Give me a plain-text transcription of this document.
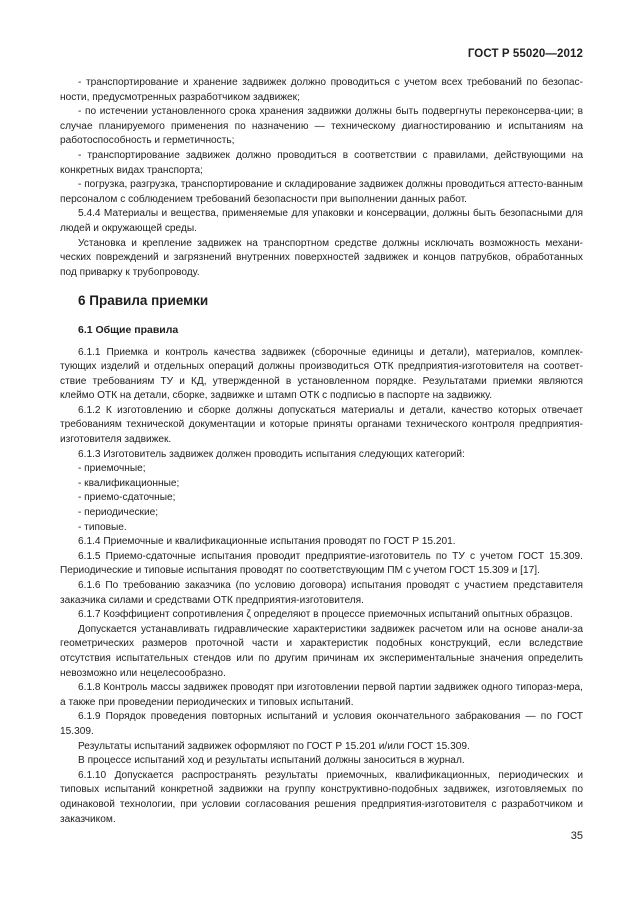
ГОСТ Р 55020—2012

- транспортирование и хранение задвижек должно проводиться с учетом всех требований по безопас-ности, предусмотренных разработчиком задвижек;

- по истечении установленного срока хранения задвижки должны быть подвергнуты переконсерва-ции; в случае планируемого применения по назначению — техническому диагностированию и испытаниям на работоспособность и герметичность;

- транспортирование задвижек должно проводиться в соответствии с правилами, действующими на конкретных видах транспорта;

- погрузка, разгрузка, транспортирование и складирование задвижек должны проводиться аттесто-ванным персоналом с соблюдением требований безопасности при выполнении данных работ.

5.4.4 Материалы и вещества, применяемые для упаковки и консервации, должны быть безопасными для людей и окружающей среды.

Установка и крепление задвижек на транспортном средстве должны исключать возможность механи-ческих повреждений и загрязнений внутренних поверхностей задвижек и концов патрубков, обработанных под приварку к трубопроводу.

6 Правила приемки
6.1 Общие правила

6.1.1 Приемка и контроль качества задвижек (сборочные единицы и детали), материалов, комплек-тующих изделий и отдельных операций должны производиться ОТК предприятия-изготовителя на соответ-ствие требованиям ТУ и КД, утвержденной в установленном порядке. Результатами приемки являются клеймо ОТК на детали, сборке, задвижке и штамп ОТК с подписью в паспорте на задвижку.

6.1.2 К изготовлению и сборке должны допускаться материалы и детали, качество которых отвечает требованиям технической документации и которые приняты органами технического контроля предприятия-изготовителя задвижек.

6.1.3 Изготовитель задвижек должен проводить испытания следующих категорий:

- приемочные;

- квалификационные;

- приемо-сдаточные;

- периодические;

- типовые.

6.1.4 Приемочные и квалификационные испытания проводят по ГОСТ Р 15.201.

6.1.5 Приемо-сдаточные испытания проводит предприятие-изготовитель по ТУ с учетом ГОСТ 15.309. Периодические и типовые испытания проводят по соответствующим ПМ с учетом ГОСТ 15.309 и [17].

6.1.6 По требованию заказчика (по условию договора) испытания проводят с участием представителя заказчика силами и средствами ОТК предприятия-изготовителя.

6.1.7 Коэффициент сопротивления ζ определяют в процессе приемочных испытаний опытных образцов.

Допускается устанавливать гидравлические характеристики задвижек расчетом или на основе анали-за геометрических размеров проточной части и характеристик подобных конструкций, если вследствие отсутствия испытательных стендов или по другим причинам их экспериментальные значения определить невозможно или нецелесообразно.

6.1.8 Контроль массы задвижек проводят при изготовлении первой партии задвижек одного типораз-мера, а также при проведении периодических и типовых испытаний.

6.1.9 Порядок проведения повторных испытаний и условия окончательного забракования — по ГОСТ 15.309.

Результаты испытаний задвижек оформляют по ГОСТ Р 15.201 и/или ГОСТ 15.309.

В процессе испытаний ход и результаты испытаний должны заноситься в журнал.

6.1.10 Допускается распространять результаты приемочных, квалификационных, периодических и типовых испытаний конкретной задвижки на группу конструктивно-подобных задвижек, изготовляемых по одинаковой технологии, при условии согласования решения предприятия-изготовителя с разработчиком и заказчиком.

35
